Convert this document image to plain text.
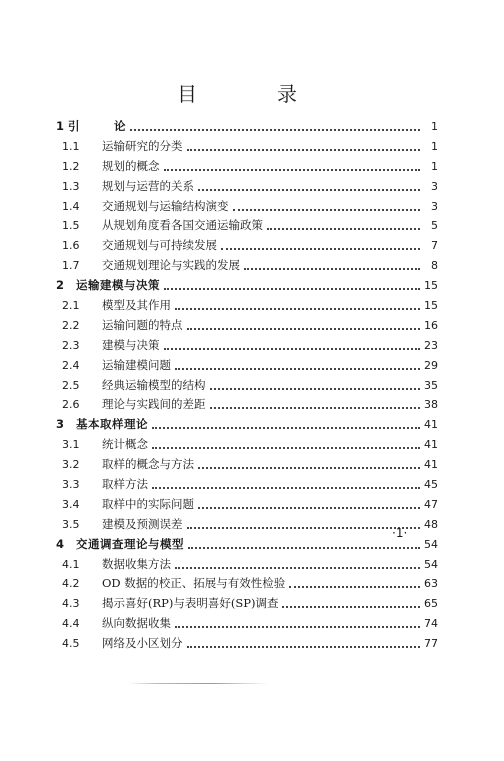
目　录
1 引	论	1
1.1	运输研究的分类	1
1.2	规划的概念	1
1.3	规划与运营的关系	3
1.4	交通规划与运输结构演变	3
1.5	从规划角度看各国交通运输政策	5
1.6	交通规划与可持续发展	7
1.7	交通规划理论与实践的发展	8
2	运输建模与决策	15
2.1	模型及其作用	15
2.2	运输问题的特点	16
2.3	建模与决策	23
2.4	运输建模问题	29
2.5	经典运输模型的结构	35
2.6	理论与实践间的差距	38
3	基本取样理论	41
3.1	统计概念	41
3.2	取样的概念与方法	41
3.3	取样方法	45
3.4	取样中的实际问题	47
3.5	建模及预测误差	48
4	交通调查理论与模型	54
4.1	数据收集方法	54
4.2	OD 数据的校正、拓展与有效性检验	63
4.3	揭示喜好(RP)与表明喜好(SP)调查	65
4.4	纵向数据收集	74
4.5	网络及小区划分	77
·1·
